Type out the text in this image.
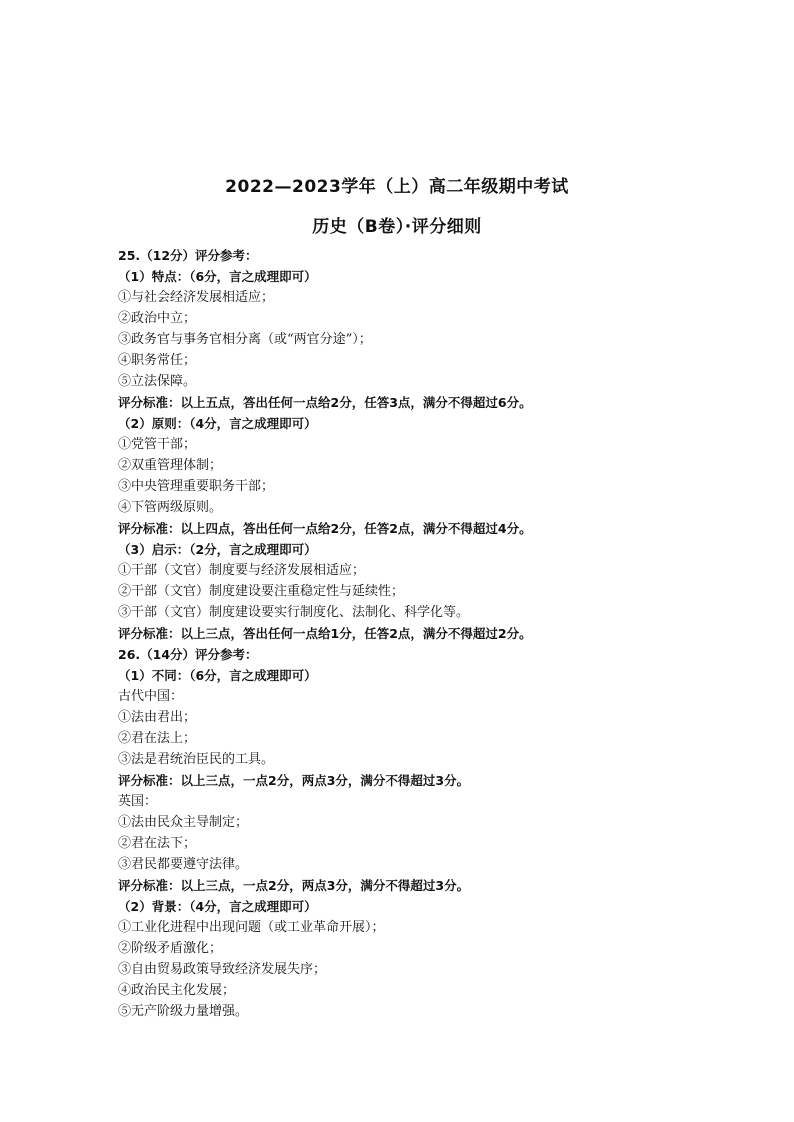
2022—2023学年（上）高二年级期中考试
历史（B卷）·评分细则
25.（12分）评分参考：
（1）特点：（6分，言之成理即可）
①与社会经济发展相适应；
②政治中立；
③政务官与事务官相分离（或“两官分途”）；
④职务常任；
⑤立法保障。
评分标准：以上五点，答出任何一点给2分，任答3点，满分不得超过6分。
（2）原则：（4分，言之成理即可）
①党管干部；
②双重管理体制；
③中央管理重要职务干部；
④下管两级原则。
评分标准：以上四点，答出任何一点给2分，任答2点，满分不得超过4分。
（3）启示：（2分，言之成理即可）
①干部（文官）制度要与经济发展相适应；
②干部（文官）制度建设要注重稳定性与延续性；
③干部（文官）制度建设要实行制度化、法制化、科学化等。
评分标准：以上三点，答出任何一点给1分，任答2点，满分不得超过2分。
26.（14分）评分参考：
（1）不同：（6分，言之成理即可）
古代中国：
①法由君出；
②君在法上；
③法是君统治臣民的工具。
评分标准：以上三点，一点2分，两点3分，满分不得超过3分。
英国：
①法由民众主导制定；
②君在法下；
③君民都要遵守法律。
评分标准：以上三点，一点2分，两点3分，满分不得超过3分。
（2）背景：（4分，言之成理即可）
①工业化进程中出现问题（或工业革命开展）；
②阶级矛盾激化；
③自由贸易政策导致经济发展失序；
④政治民主化发展；
⑤无产阶级力量增强。
